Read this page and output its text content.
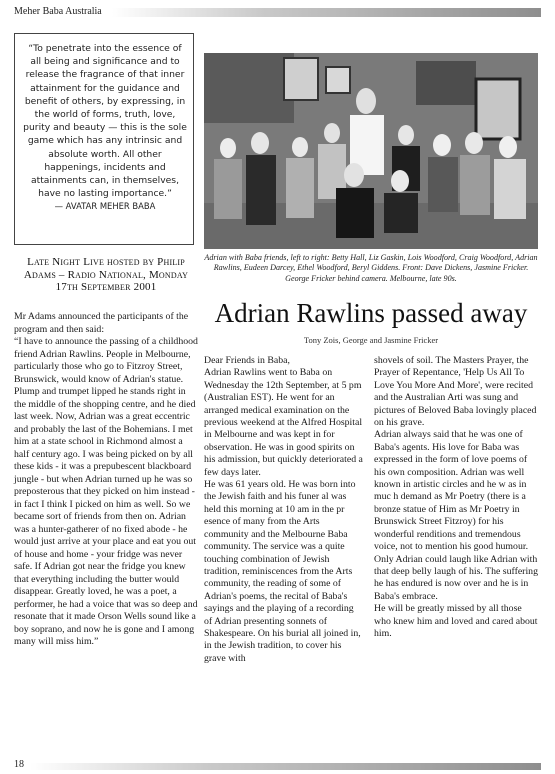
Meher Baba Australia

“To penetrate into the essence of all being and significance and to release the fragrance of that inner attainment for the guidance and benefit of others, by expressing, in the world of forms, truth, love, purity and beauty — this is the sole game which has any intrinsic and absolute worth. All other happenings, incidents and attainments can, in themselves, have no lasting importance.”

— AVATAR MEHER BABA
Late Night Live hosted by Philip Adams – Radio National, Monday 17th September 2001

Mr Adams announced the participants of the program and then said:

“I have to announce the passing of a childhood friend Adrian Rawlins. People in Melbourne, particularly those who go to Fitzroy Street, Brunswick, would know of Adrian's statue. Plump and trumpet lipped he stands right in the middle of the shopping centre, and he died last week. Now, Adrian was a great eccentric and probably the last of the Bohemians. I met him at a state school in Richmond almost a half century ago. I was being picked on by all these kids - it was a prepubescent blackboard jungle - but when Adrian turned up he was so preposterous that they picked on him instead - in fact I think I picked on him as well. So we became sort of friends from then on. Adrian was a hunter-gatherer of no fixed abode - he would just arrive at your place and eat you out of house and home - your fridge was never safe. If Adrian got near the fridge you knew that everything including the butter would disappear. Greatly loved, he was a poet, a performer, he had a voice that was so deep and resonate that it made Orson Wells sound like a boy soprano, and now he is gone and I among many will miss him.”

Adrian with Baba friends, left to right: Betty Hall, Liz Gaskin, Lois Woodford, Craig Woodford, Adrian Rawlins, Eudeen Darcey, Ethel Woodford, Beryl Giddens. Front: Dave Dickens, Jasmine Fricker. George Fricker behind camera. Melbourne, late 90s.
Adrian Rawlins passed away
Tony Zois, George and Jasmine Fricker

Dear Friends in Baba,

Adrian Rawlins went to Baba on Wednesday the 12th September, at 5 pm (Australian EST). He went for an arranged medical examination on the previous weekend at the Alfred Hospital in Melbourne and was kept in for observation. He was in good spirits on his admission, but quickly deteriorated a few days later.

He was 61 years old. He was born into the Jewish faith and his funer al was held this morning at 10 am in the pr esence of many from the Arts community and the Melbourne Baba community. The service was a quite touching combination of Jewish tradition, reminiscences from the Arts community, the reading of some of Adrian's poems, the recital of Baba's sayings and the playing of a recording of Adrian presenting sonnets of Shakespeare. On his burial all joined in, in the Jewish tradition, to cover his grave with

shovels of soil. The Masters Prayer, the Prayer of Repentance, 'Help Us All To Love You More And More', were recited and the Australian Arti was sung and pictures of Beloved Baba lovingly placed on his grave.

Adrian always said that he was one of Baba's agents. His love for Baba was expressed in the form of love poems of his own composition. Adrian was well known in artistic circles and he w as in muc h demand as Mr Poetry (there is a bronze statue of Him as Mr Poetry in Brunswick Street Fitzroy) for his wonderful renditions and tremendous voice, not to mention his good humour. Only Adrian could laugh like Adrian with that deep belly laugh of his. The suffering he has endured is now over and he is in Baba's embrace.

He will be greatly missed by all those who knew him and loved and cared about him.

18
